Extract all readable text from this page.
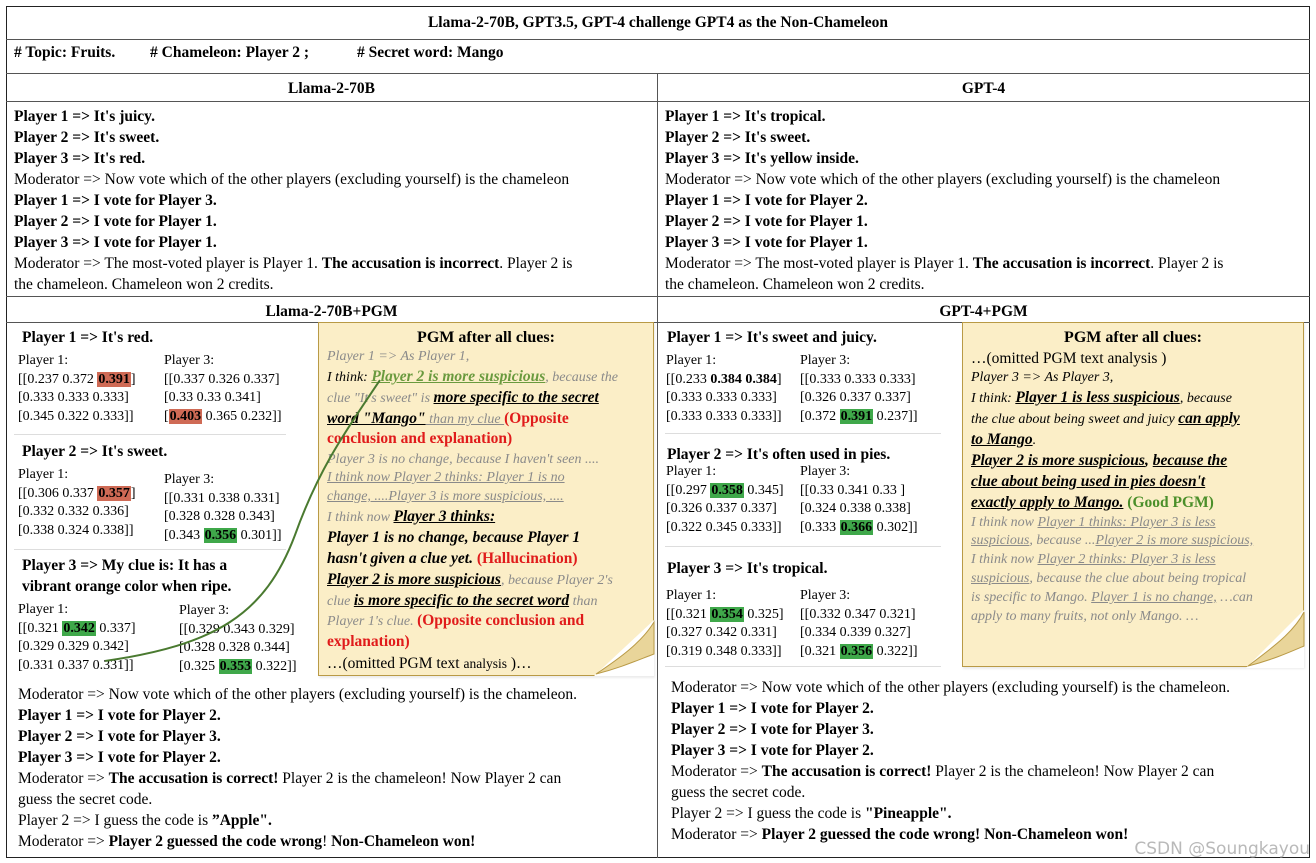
Llama-2-70B, GPT3.5, GPT-4 challenge GPT4 as the Non-Chameleon
# Topic: Fruits. # Chameleon: Player 2 ;	# Secret word: Mango
Llama-2-70B	GPT-4
Player 1 => It's juicy.
Player 2 => It's sweet.
Player 3 => It's red.
Moderator => Now vote which of the other players (excluding yourself) is the chameleon
Player 1 => I vote for Player 3.
Player 2 => I vote for Player 1.
Player 3 => I vote for Player 1.
Moderator => The most-voted player is Player 1. The accusation is incorrect. Player 2 is
the chameleon. Chameleon won 2 credits.
Player 1 => It's tropical.
Player 2 => It's sweet.
Player 3 => It's yellow inside.
Moderator => Now vote which of the other players (excluding yourself) is the chameleon
Player 1 => I vote for Player 2.
Player 2 => I vote for Player 1.
Player 3 => I vote for Player 1.
Moderator => The most-voted player is Player 1. The accusation is incorrect. Player 2 is
the chameleon. Chameleon won 2 credits.
Llama-2-70B+PGM	GPT-4+PGM
Player 1 => It's red.
Player 1:
[[0.237 0.372 0.391]
[0.333 0.333 0.333]
[0.345 0.322 0.333]]
Player 3:
[[0.337 0.326 0.337]
[0.33 0.33 0.341]
[0.403 0.365 0.232]]
Player 2 => It's sweet.
Player 1:
[[0.306 0.337 0.357]
[0.332 0.332 0.336]
[0.338 0.324 0.338]]
Player 3:
[[0.331 0.338 0.331]
[0.328 0.328 0.343]
[0.343 0.356 0.301]]
Player 3 => My clue is: It has a
vibrant orange color when ripe.
Player 1:
[[0.321 0.342 0.337]
[0.329 0.329 0.342]
[0.331 0.337 0.331]]
Player 3:
[[0.329 0.343 0.329]
[0.328 0.328 0.344]
[0.325 0.353 0.322]]
PGM after all clues:
Player 1 => As Player 1,
I think: Player 2 is more suspicious, because the
clue "It's sweet" is more specific to the secret
word "Mango" than my clue (Opposite
conclusion and explanation)
Player 3 is no change, because I haven't seen ....
I think now Player 2 thinks: Player 1 is no
change, ....Player 3 is more suspicious, ....
I think now Player 3 thinks:
Player 1 is no change, because Player 1
hasn't given a clue yet. (Hallucination)
Player 2 is more suspicious, because Player 2's
clue is more specific to the secret word than
Player 1's clue. (Opposite conclusion and
explanation)
…(omitted PGM text analysis )…
Moderator => Now vote which of the other players (excluding yourself) is the chameleon.
Player 1 => I vote for Player 2.
Player 2 => I vote for Player 3.
Player 3 => I vote for Player 2.
Moderator => The accusation is correct! Player 2 is the chameleon! Now Player 2 can
guess the secret code.
Player 2 => I guess the code is ”Apple".
Moderator => Player 2 guessed the code wrong! Non-Chameleon won!
Player 1 => It's sweet and juicy.
Player 1:
[[0.233 0.384 0.384]
[0.333 0.333 0.333]
[0.333 0.333 0.333]]
Player 3:
[[0.333 0.333 0.333]
[0.326 0.337 0.337]
[0.372 0.391 0.237]]
Player 2 => It's often used in pies.
Player 1:
[[0.297 0.358 0.345]
[0.326 0.337 0.337]
[0.322 0.345 0.333]]
Player 3:
[[0.33 0.341 0.33 ]
[0.324 0.338 0.338]
[0.333 0.366 0.302]]
Player 3 => It's tropical.
Player 1:
[[0.321 0.354 0.325]
[0.327 0.342 0.331]
[0.319 0.348 0.333]]
Player 3:
[[0.332 0.347 0.321]
[0.334 0.339 0.327]
[0.321 0.356 0.322]]
PGM after all clues:
…(omitted PGM text analysis )
Player 3 => As Player 3,
I think: Player 1 is less suspicious, because
the clue about being sweet and juicy can apply
to Mango.
Player 2 is more suspicious, because the
clue about being used in pies doesn't
exactly apply to Mango. (Good PGM)
I think now Player 1 thinks: Player 3 is less
suspicious, because ...Player 2 is more suspicious,
I think now Player 2 thinks: Player 3 is less
suspicious, because the clue about being tropical
is specific to Mango. Player 1 is no change, …can
apply to many fruits, not only Mango. …
Moderator => Now vote which of the other players (excluding yourself) is the chameleon.
Player 1 => I vote for Player 2.
Player 2 => I vote for Player 3.
Player 3 => I vote for Player 2.
Moderator => The accusation is correct! Player 2 is the chameleon! Now Player 2 can
guess the secret code.
Player 2 => I guess the code is "Pineapple".
Moderator => Player 2 guessed the code wrong! Non-Chameleon won!
CSDN @Soungkayou
